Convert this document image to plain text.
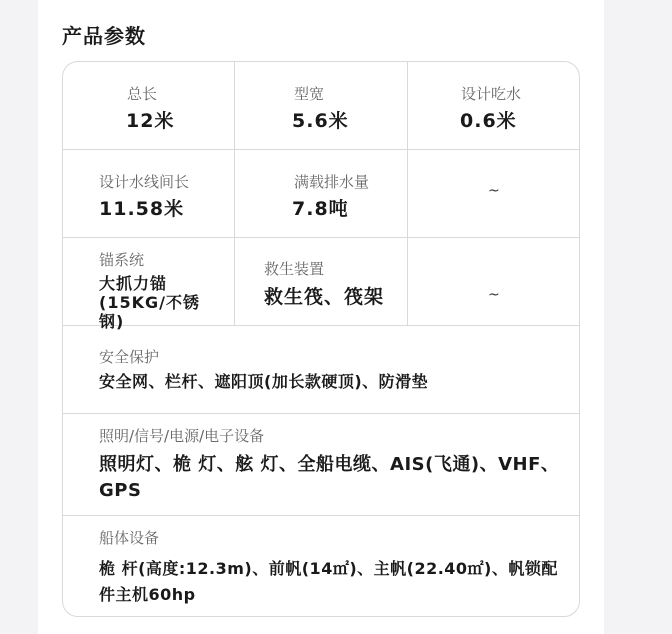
产品参数
总长
12米
型宽
5.6米
设计吃水
0.6米
设计水线间长
11.58米
满载排水量
7.8吨
~
锚系统
大抓力锚(15KG/不锈钢)
救生装置
救生筏、筏架	~
安全保护
安全网、栏杆、遮阳顶(加长款硬顶)、防滑垫
照明/信号/电源/电子设备
照明灯、桅 灯、舷 灯、全船电缆、AIS(飞通)、VHF、GPS
船体设备
桅 杆(高度:12.3m)、前帆(14㎡)、主帆(22.40㎡)、帆锁配件主机60hp
